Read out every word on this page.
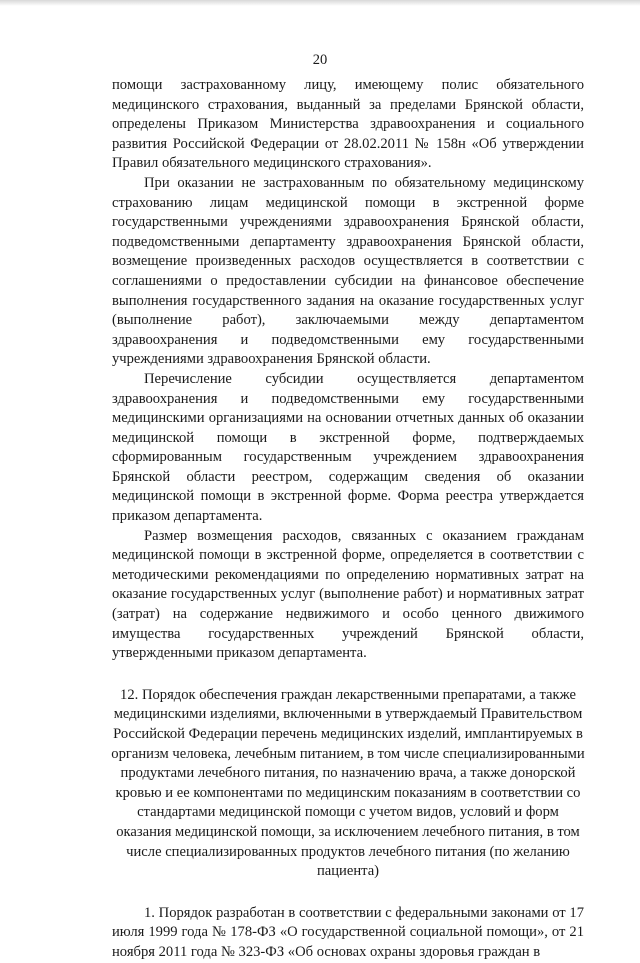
20

помощи застрахованному лицу, имеющему полис обязательного медицинского страхования, выданный за пределами Брянской области, определены Приказом Министерства здравоохранения и социального развития Российской Федерации от 28.02.2011 № 158н «Об утверждении Правил обязательного медицинского страхования».

При оказании не застрахованным по обязательному медицинскому страхованию лицам медицинской помощи в экстренной форме государственными учреждениями здравоохранения Брянской области, подведомственными департаменту здравоохранения Брянской области, возмещение произведенных расходов осуществляется в соответствии с соглашениями о предоставлении субсидии на финансовое обеспечение выполнения государственного задания на оказание государственных услуг (выполнение работ), заключаемыми между департаментом здравоохранения и подведомственными ему государственными учреждениями здравоохранения Брянской области.

Перечисление субсидии осуществляется департаментом здравоохранения и подведомственными ему государственными медицинскими организациями на основании отчетных данных об оказании медицинской помощи в экстренной форме, подтверждаемых сформированным государственным учреждением здравоохранения Брянской области реестром, содержащим сведения об оказании медицинской помощи в экстренной форме. Форма реестра утверждается приказом департамента.

Размер возмещения расходов, связанных с оказанием гражданам медицинской помощи в экстренной форме, определяется в соответствии с методическими рекомендациями по определению нормативных затрат на оказание государственных услуг (выполнение работ) и нормативных затрат (затрат) на содержание недвижимого и особо ценного движимого имущества государственных учреждений Брянской области, утвержденными приказом департамента.

12. Порядок обеспечения граждан лекарственными препаратами, а также медицинскими изделиями, включенными в утверждаемый Правительством Российской Федерации перечень медицинских изделий, имплантируемых в организм человека, лечебным питанием, в том числе специализированными продуктами лечебного питания, по назначению врача, а также донорской кровью и ее компонентами по медицинским показаниям в соответствии со стандартами медицинской помощи с учетом видов, условий и форм оказания медицинской помощи, за исключением лечебного питания, в том числе специализированных продуктов лечебного питания (по желанию пациента)

1. Порядок разработан в соответствии с федеральными законами от 17 июля 1999 года № 178-ФЗ «О государственной социальной помощи», от 21 ноября 2011 года № 323-ФЗ «Об основах охраны здоровья граждан в
